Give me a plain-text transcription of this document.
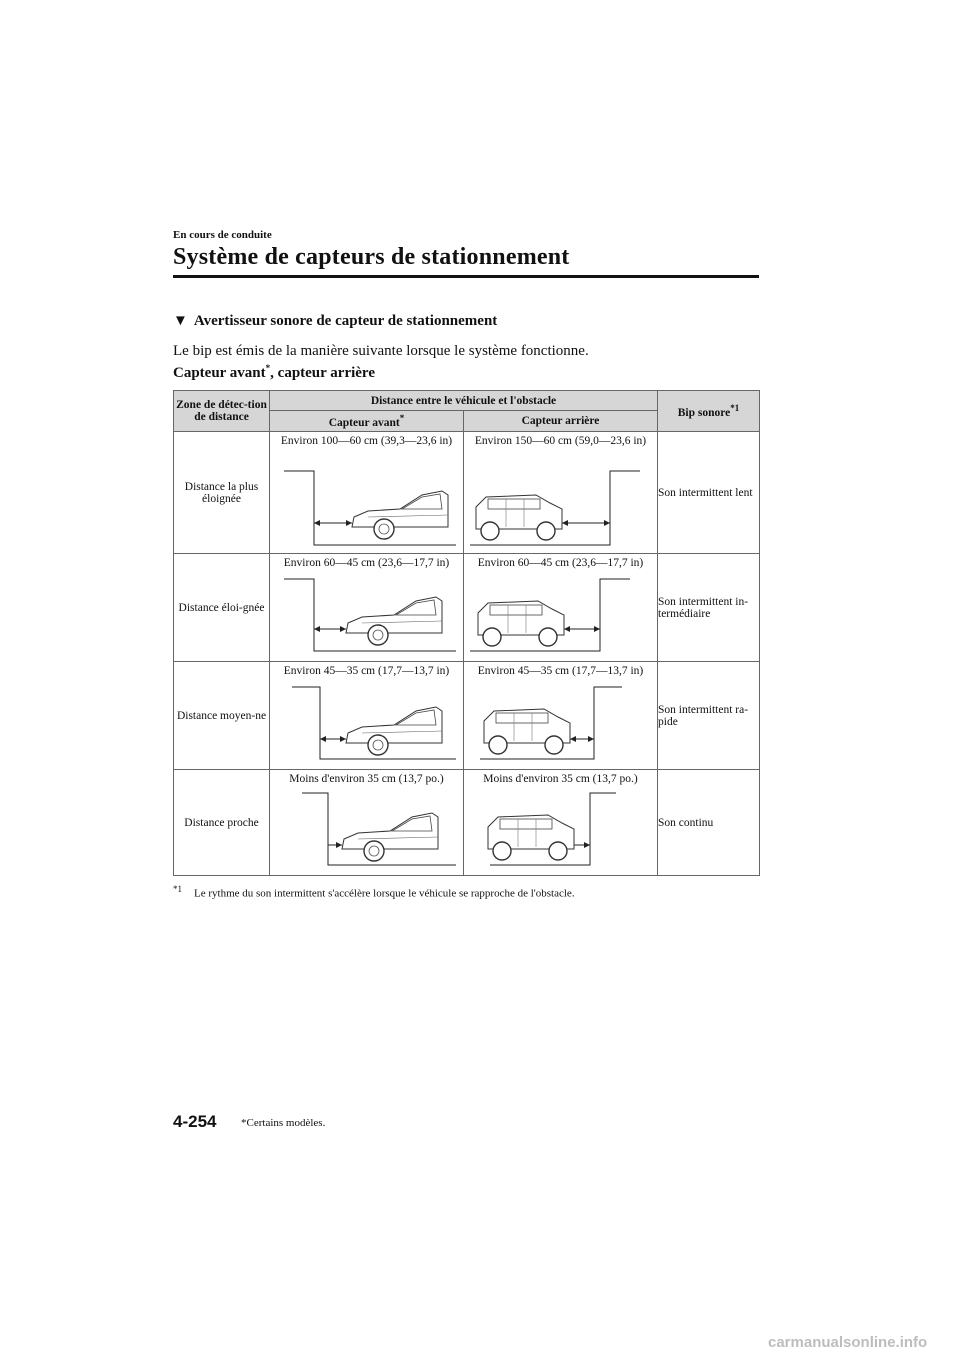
En cours de conduite
Système de capteurs de stationnement
▼ Avertisseur sonore de capteur de stationnement
Le bip est émis de la manière suivante lorsque le système fonctionne.
Capteur avant*, capteur arrière
Zone de détec-tion de distance	Distance entre le véhicule et l'obstacle		Bip sonore$^{*1}$
	Capteur avant*	Capteur arrière	
Distance la plus éloignée	Environ 100―60 cm (39,3―23,6 in)	Environ 150―60 cm (59,0―23,6 in)	Son intermittent lent
Distance éloi-gnée	Environ 60―45 cm (23,6―17,7 in)	Environ 60―45 cm (23,6―17,7 in)	Son intermittent in-termédiaire
Distance moyen-ne	Environ 45―35 cm (17,7―13,7 in)	Environ 45―35 cm (17,7―13,7 in)	Son intermittent ra-pide
Distance proche	Moins d'environ 35 cm (13,7 po.)	Moins d'environ 35 cm (13,7 po.)	Son continu
$^{*1}$ Le rythme du son intermittent s'accélère lorsque le véhicule se rapproche de l'obstacle.
4-254 *Certains modèles.
carmanualsonline.info
